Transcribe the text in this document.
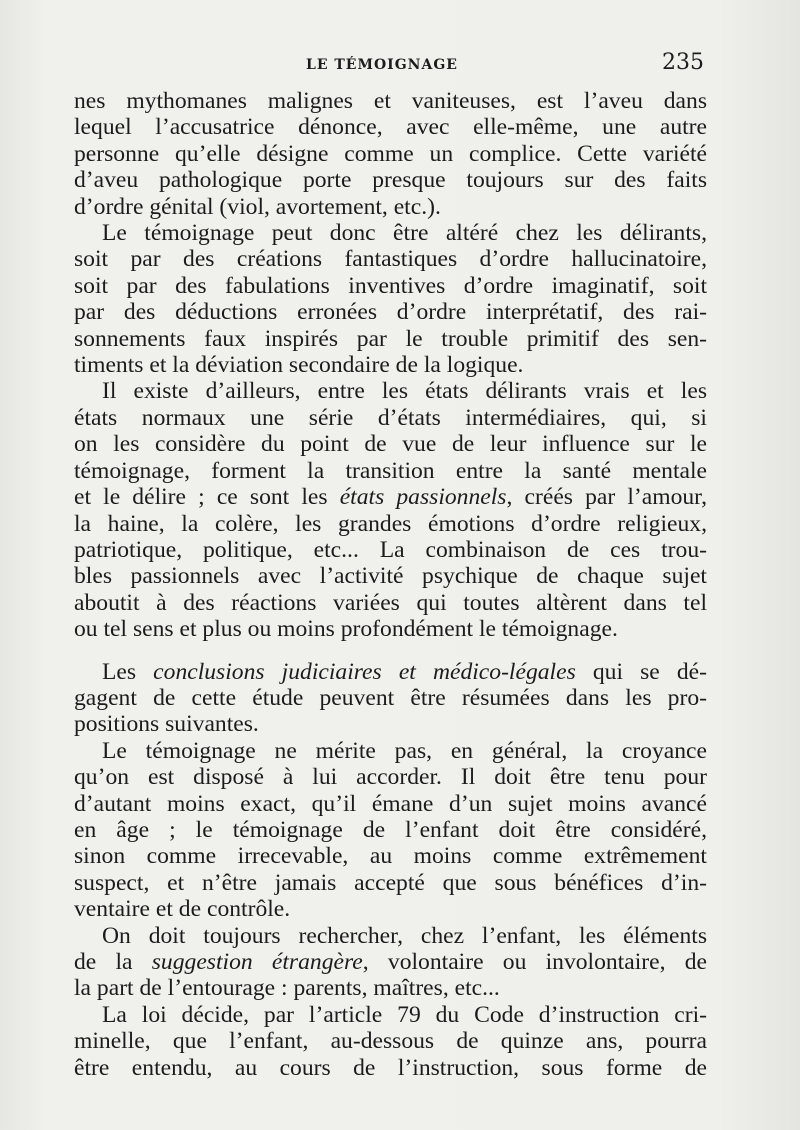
LE TÉMOIGNAGE	235

nes mythomanes malignes et vaniteuses, est l’aveu dans
lequel l’accusatrice dénonce, avec elle-même, une autre
personne qu’elle désigne comme un complice. Cette variété
d’aveu pathologique porte presque toujours sur des faits
d’ordre génital (viol, avortement, etc.).

Le témoignage peut donc être altéré chez les délirants,
soit par des créations fantastiques d’ordre hallucinatoire,
soit par des fabulations inventives d’ordre imaginatif, soit
par des déductions erronées d’ordre interprétatif, des rai-
sonnements faux inspirés par le trouble primitif des sen-
timents et la déviation secondaire de la logique.

Il existe d’ailleurs, entre les états délirants vrais et les
états normaux une série d’états intermédiaires, qui, si
on les considère du point de vue de leur influence sur le
témoignage, forment la transition entre la santé mentale
et le délire ; ce sont les états passionnels, créés par l’amour,
la haine, la colère, les grandes émotions d’ordre religieux,
patriotique, politique, etc... La combinaison de ces trou-
bles passionnels avec l’activité psychique de chaque sujet
aboutit à des réactions variées qui toutes altèrent dans tel
ou tel sens et plus ou moins profondément le témoignage.

Les conclusions judiciaires et médico-légales qui se dé-
gagent de cette étude peuvent être résumées dans les pro-
positions suivantes.

Le témoignage ne mérite pas, en général, la croyance
qu’on est disposé à lui accorder. Il doit être tenu pour
d’autant moins exact, qu’il émane d’un sujet moins avancé
en âge ; le témoignage de l’enfant doit être considéré,
sinon comme irrecevable, au moins comme extrêmement
suspect, et n’être jamais accepté que sous bénéfices d’in-
ventaire et de contrôle.

On doit toujours rechercher, chez l’enfant, les éléments
de la suggestion étrangère, volontaire ou involontaire, de
la part de l’entourage : parents, maîtres, etc...

La loi décide, par l’article 79 du Code d’instruction cri-
minelle, que l’enfant, au-dessous de quinze ans, pourra
être entendu, au cours de l’instruction, sous forme de
